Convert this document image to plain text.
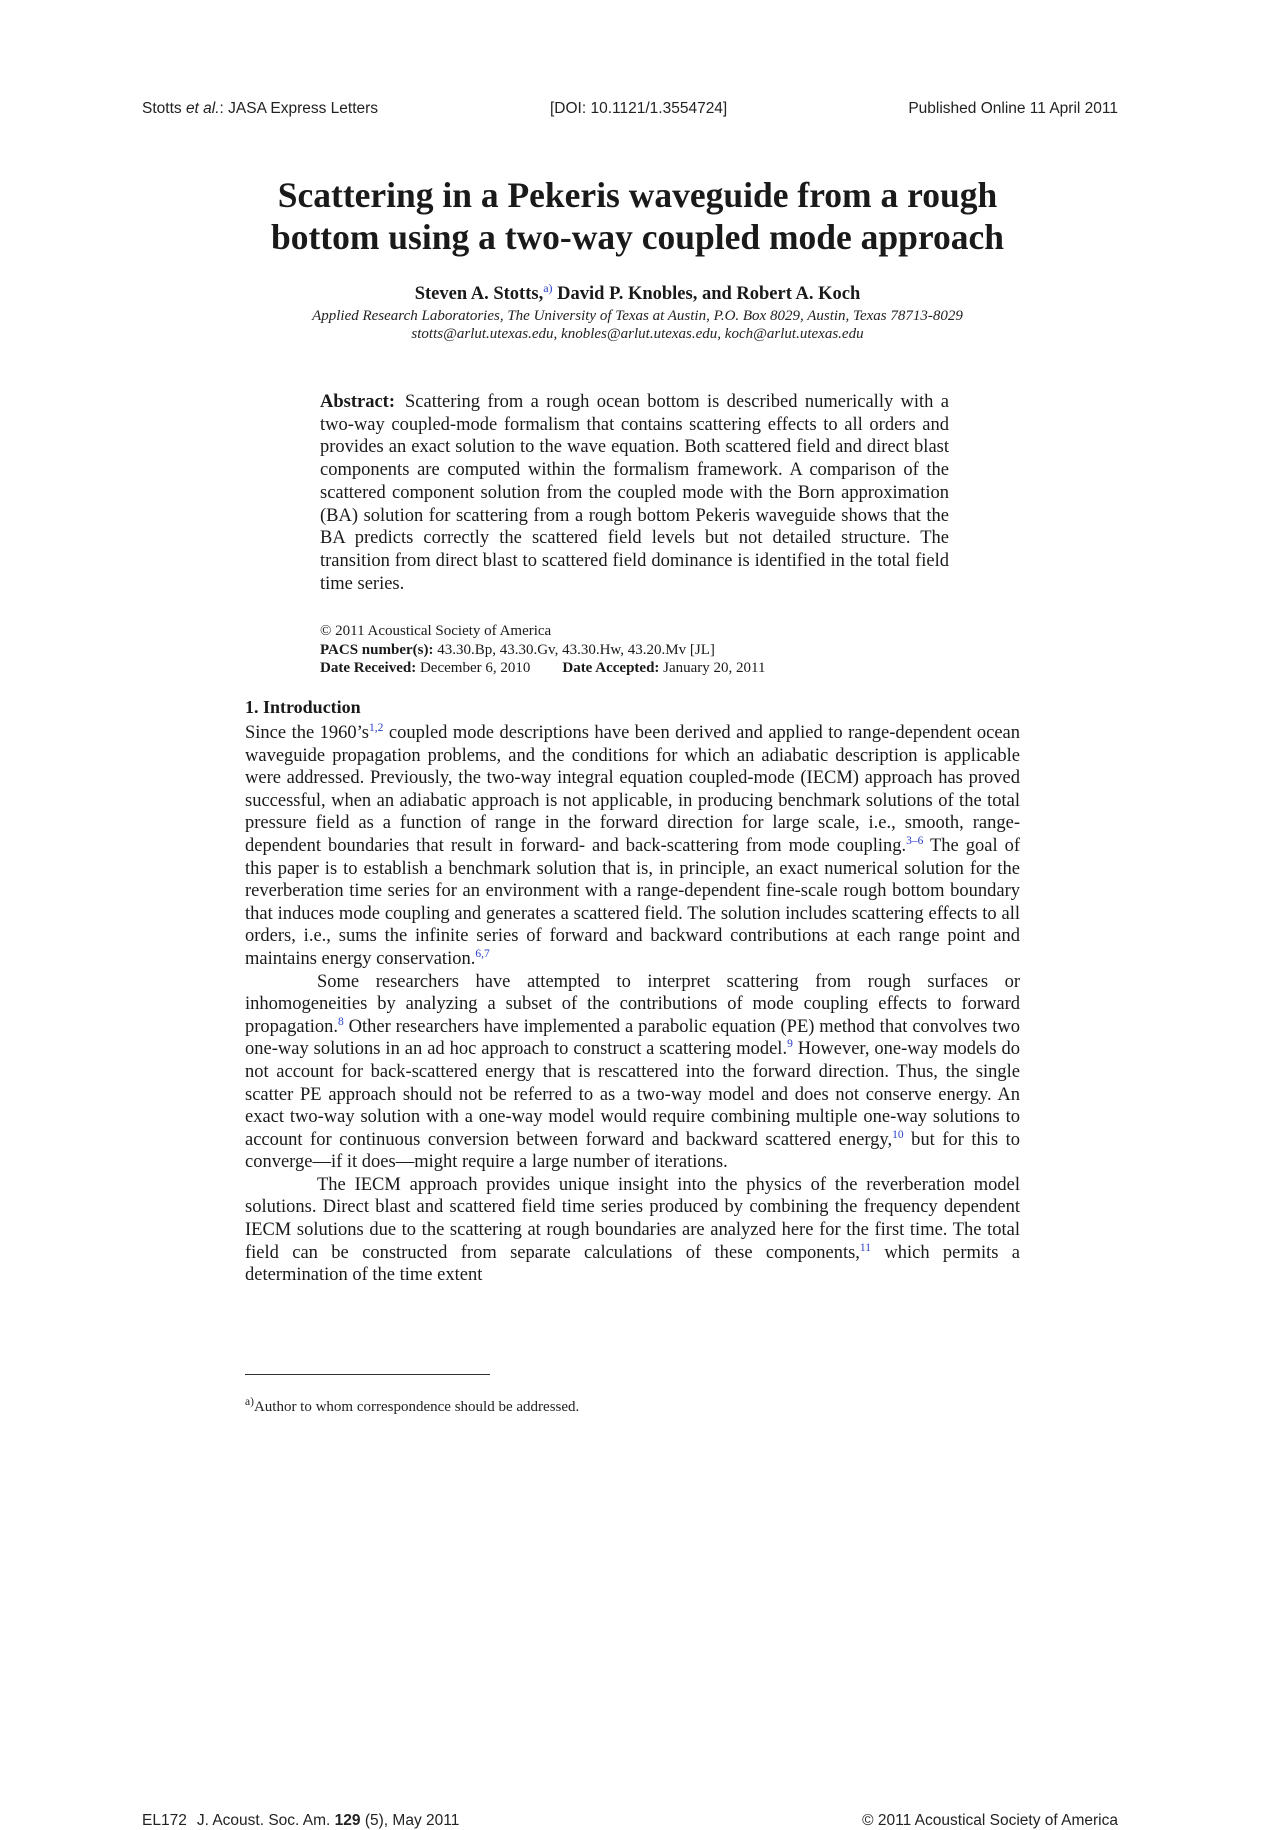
Stotts et al.: JASA Express Letters	[DOI: 10.1121/1.3554724]	Published Online 11 April 2011
Scattering in a Pekeris waveguide from a rough
bottom using a two-way coupled mode approach
Steven A. Stotts,$^{a)}$ David P. Knobles, and Robert A. Koch
Applied Research Laboratories, The University of Texas at Austin, P.O. Box 8029, Austin, Texas 78713-8029
stotts@arlut.utexas.edu, knobles@arlut.utexas.edu, koch@arlut.utexas.edu
Abstract: Scattering from a rough ocean bottom is described numerically with a two-way coupled-mode formalism that contains scattering effects to all orders and provides an exact solution to the wave equation. Both scattered field and direct blast components are computed within the formalism framework. A comparison of the scattered component solution from the coupled mode with the Born approximation (BA) solution for scattering from a rough bottom Pekeris waveguide shows that the BA predicts correctly the scattered field levels but not detailed structure. The transition from direct blast to scattered field dominance is identified in the total field time series.
© 2011 Acoustical Society of America
PACS number(s): 43.30.Bp, 43.30.Gv, 43.30.Hw, 43.20.Mv [JL]
Date Received: December 6, 2010 Date Accepted: January 20, 2011
1. Introduction

Since the $1960’s^{1,2}$ coupled mode descriptions have been derived and applied to range-dependent ocean waveguide propagation problems, and the conditions for which an adiabatic description is applicable were addressed. Previously, the two-way integral equation coupled-mode (IECM) approach has proved successful, when an adiabatic approach is not applicable, in producing benchmark solutions of the total pressure field as a function of range in the forward direction for large scale, i.e., smooth, range-dependent boundaries that result in forward- and back-scattering from mode coupling.$^{3-6}$ The goal of this paper is to establish a benchmark solution that is, in principle, an exact numerical solution for the reverberation time series for an environment with a range-dependent fine-scale rough bottom boundary that induces mode coupling and generates a scattered field. The solution includes scattering effects to all orders, i.e., sums the infinite series of forward and backward contributions at each range point and maintains energy conservation.$^{6,7}$

Some researchers have attempted to interpret scattering from rough surfaces or inhomogeneities by analyzing a subset of the contributions of mode coupling effects to forward propagation.$^8$ Other researchers have implemented a parabolic equation (PE) method that convolves two one-way solutions in an ad hoc approach to construct a scattering model.$^9$ However, one-way models do not account for back-scattered energy that is rescattered into the forward direction. Thus, the single scatter PE approach should not be referred to as a two-way model and does not conserve energy. An exact two-way solution with a one-way model would require combining multiple one-way solutions to account for continuous conversion between forward and backward scattered energy,$^{10}$ but for this to converge—if it does—might require a large number of iterations.

The IECM approach provides unique insight into the physics of the reverberation model solutions. Direct blast and scattered field time series produced by combining the frequency dependent IECM solutions due to the scattering at rough boundaries are analyzed here for the first time. The total field can be constructed from separate calculations of these components,$^{11}$ which permits a determination of the time extent

$^{a)}$Author to whom correspondence should be addressed.
EL172 J. Acoust. Soc. Am. 129 (5), May 2011	© 2011 Acoustical Society of America
